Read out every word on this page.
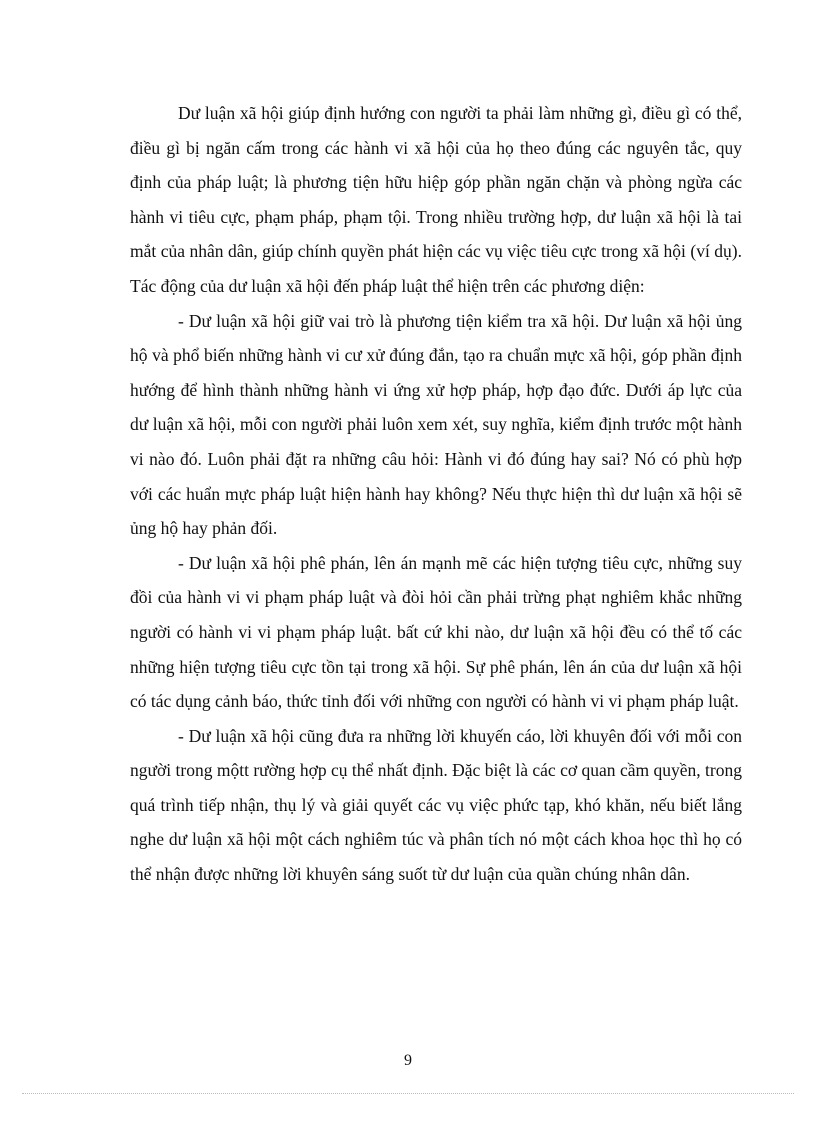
Dư luận xã hội giúp định hướng con người ta phải làm những gì, điều gì có thể, điều gì bị ngăn cấm trong các hành vi xã hội của họ theo đúng các nguyên tắc, quy định của pháp luật; là phương tiện hữu hiệp góp phần ngăn chặn và phòng ngừa các hành vi tiêu cực, phạm pháp, phạm tội. Trong nhiều trường hợp, dư luận xã hội là tai mắt của nhân dân, giúp chính quyền phát hiện các vụ việc tiêu cực trong xã hội (ví dụ). Tác động của dư luận xã hội đến pháp luật thể hiện trên các phương diện:

- Dư luận xã hội giữ vai trò là phương tiện kiểm tra xã hội. Dư luận xã hội ủng hộ và phổ biến những hành vi cư xử đúng đắn, tạo ra chuẩn mực xã hội, góp phần định hướng để hình thành những hành vi ứng xử hợp pháp, hợp đạo đức. Dưới áp lực của dư luận xã hội, mỗi con người phải luôn xem xét, suy nghĩa, kiểm định trước một hành vi nào đó. Luôn phải đặt ra những câu hỏi: Hành vi đó đúng hay sai? Nó có phù hợp với các huẩn mực pháp luật hiện hành hay không? Nếu thực hiện thì dư luận xã hội sẽ ủng hộ hay phản đối.

- Dư luận xã hội phê phán, lên án mạnh mẽ các hiện tượng tiêu cực, những suy đồi của hành vi vi phạm pháp luật và đòi hỏi cần phải trừng phạt nghiêm khắc những người có hành vi vi phạm pháp luật. bất cứ khi nào, dư luận xã hội đều có thể tố các những hiện tượng tiêu cực tồn tại trong xã hội. Sự phê phán, lên án của dư luận xã hội có tác dụng cảnh báo, thức tỉnh đối với những con người có hành vi vi phạm pháp luật.

- Dư luận xã hội cũng đưa ra những lời khuyến cáo, lời khuyên đối với mỗi con người trong mộtt rường hợp cụ thể nhất định. Đặc biệt là các cơ quan cầm quyền, trong quá trình tiếp nhận, thụ lý và giải quyết các vụ việc phức tạp, khó khăn, nếu biết lắng nghe dư luận xã hội một cách nghiêm túc và phân tích nó một cách khoa học thì họ có thể nhận được những lời khuyên sáng suốt từ dư luận của quần chúng nhân dân.

9
